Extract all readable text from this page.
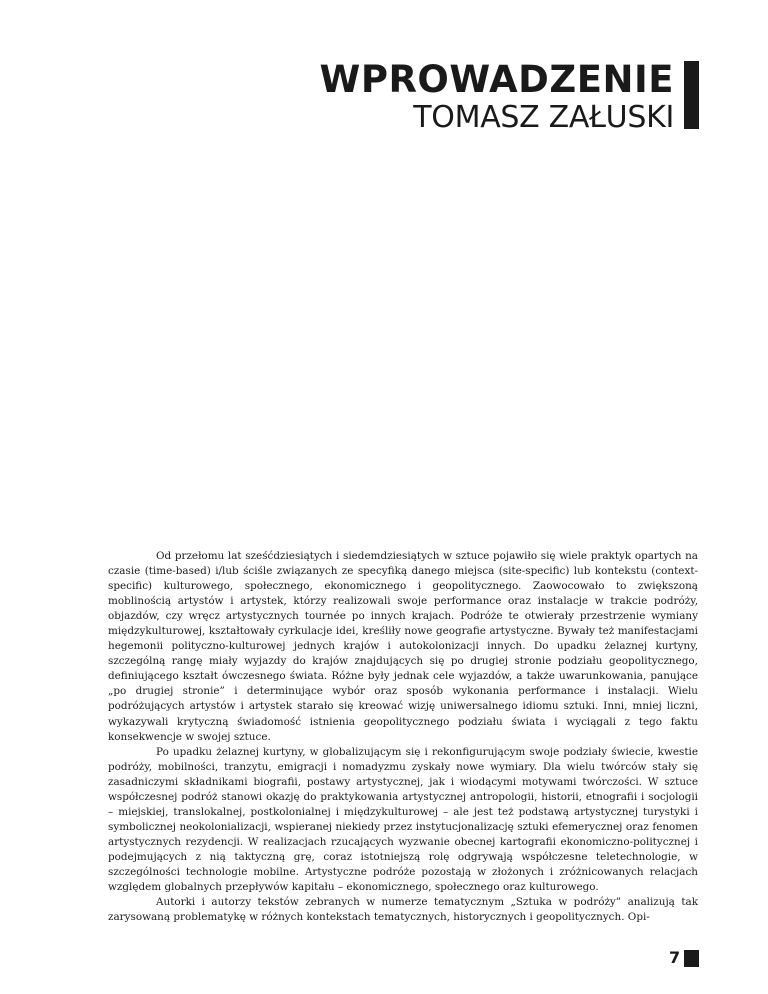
WPROWADZENIE
TOMASZ ZAŁUSKI

Od przełomu lat sześćdziesiątych i siedemdziesiątych w sztuce pojawiło się wiele praktyk opartych na czasie (time-based) i/lub ściśle związanych ze specyfiką danego miejsca (site-specific) lub kontekstu (context-specific) kulturowego, społecznego, ekonomicznego i geopolitycznego. Zaowocowało to zwiększoną moblinością artystów i artystek, którzy realizowali swoje performance oraz instalacje w trakcie podróży, objazdów, czy wręcz artystycznych tournée po innych krajach. Podróże te otwierały przestrzenie wymiany międzykulturowej, kształtowały cyrkulacje idei, kreśliły nowe geografie artystyczne. Bywały też manifestacjami hegemonii polityczno-kulturowej jednych krajów i autokolonizacji innych. Do upadku żelaznej kurtyny, szczególną rangę miały wyjazdy do krajów znajdujących się po drugiej stronie podziału geopolitycznego, definiującego kształt ówczesnego świata. Różne były jednak cele wyjazdów, a także uwarunkowania, panujące „po drugiej stronie” i determinujące wybór oraz sposób wykonania performance i instalacji. Wielu podróżujących artystów i artystek starało się kreować wizję uniwersalnego idiomu sztuki. Inni, mniej liczni, wykazywali krytyczną świadomość istnienia geopolitycznego podziału świata i wyciągali z tego faktu konsekwencje w swojej sztuce.

Po upadku żelaznej kurtyny, w globalizującym się i rekonfigurującym swoje podziały świecie, kwestie podróży, mobilności, tranzytu, emigracji i nomadyzmu zyskały nowe wymiary. Dla wielu twórców stały się zasadniczymi składnikami biografii, postawy artystycznej, jak i wiodącymi motywami twórczości. W sztuce współczesnej podróż stanowi okazję do praktykowania artystycznej antropologii, historii, etnografii i socjologii – miejskiej, translokalnej, postkolonialnej i międzykulturowej – ale jest też podstawą artystycznej turystyki i symbolicznej neokolonializacji, wspieranej niekiedy przez instytucjonalizację sztuki efemerycznej oraz fenomen artystycznych rezydencji. W realizacjach rzucających wyzwanie obecnej kartografii ekonomiczno-politycznej i podejmujących z nią taktyczną grę, coraz istotniejszą rolę odgrywają współczesne teletechnologie, w szczególności technologie mobilne. Artystyczne podróże pozostają w złożonych i zróżnicowanych relacjach względem globalnych przepływów kapitału – ekonomicznego, społecznego oraz kulturowego.

Autorki i autorzy tekstów zebranych w numerze tematycznym „Sztuka w podróży” analizują tak zarysowaną problematykę w różnych kontekstach tematycznych, historycznych i geopolitycznych. Opi-

7
